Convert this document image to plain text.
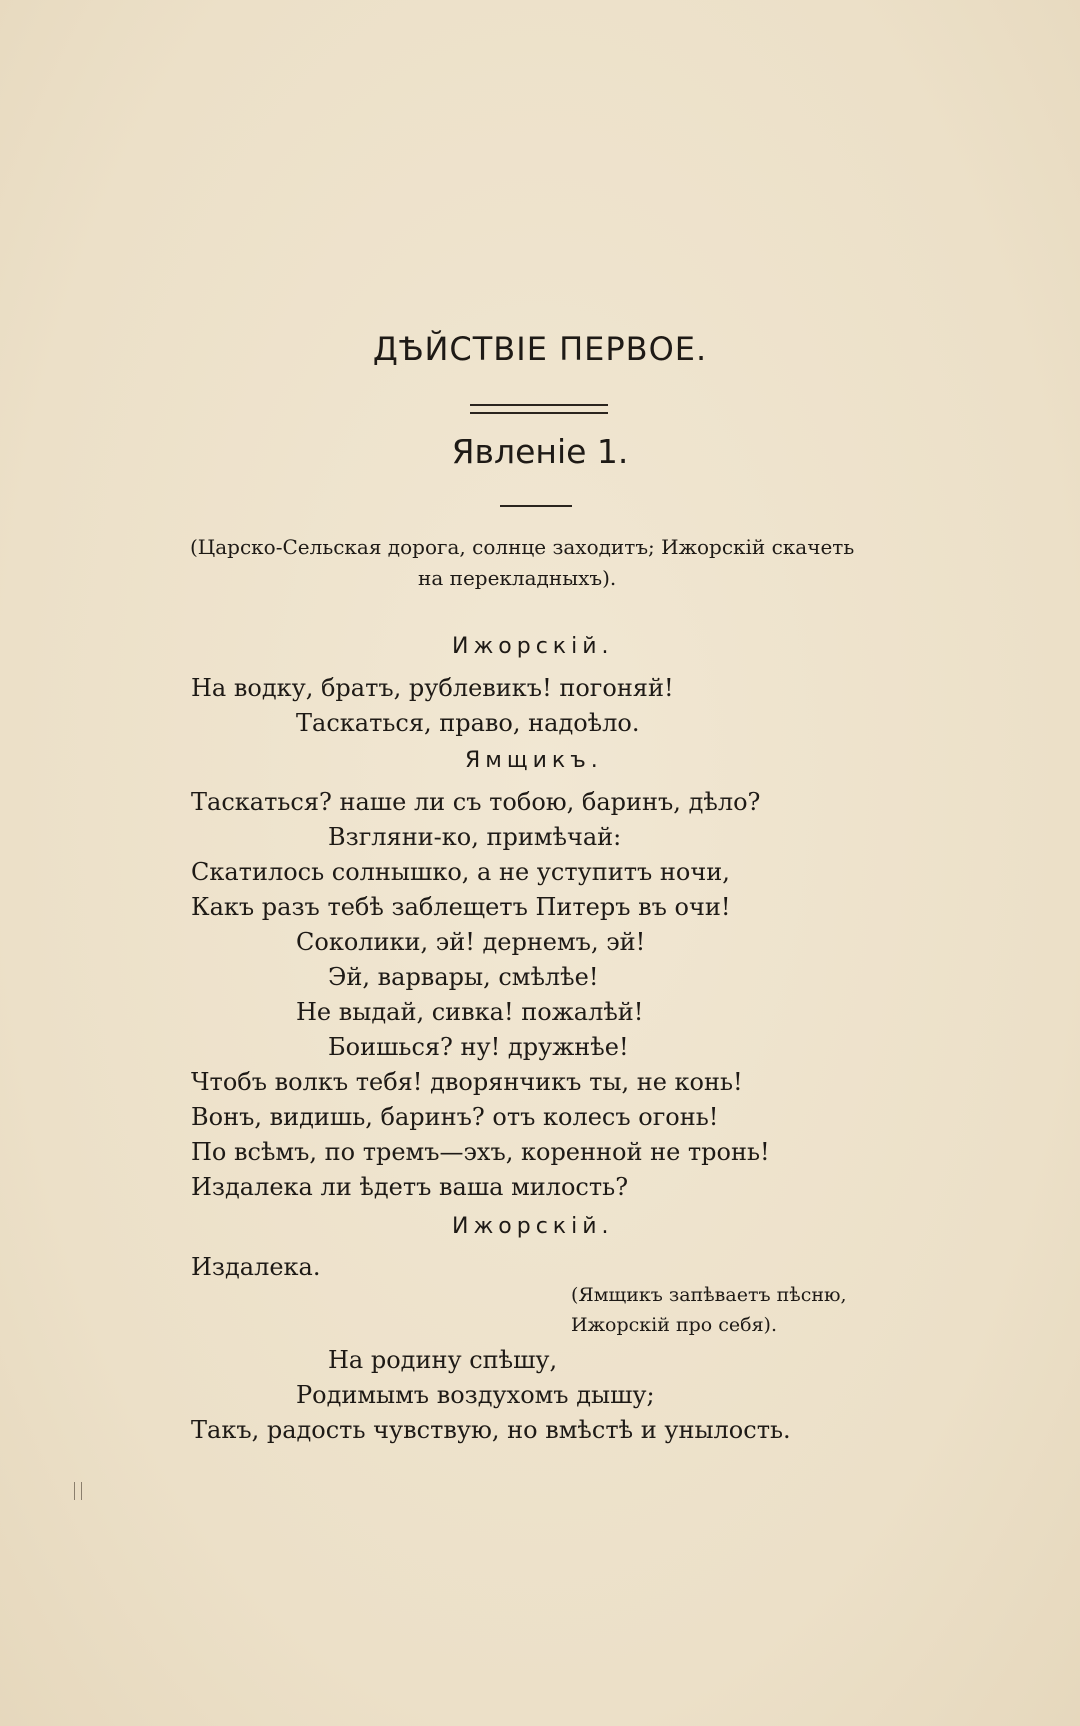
ДѢЙСТВІЕ ПЕРВОЕ.
Явленіе 1.
(Царско-Сельская дорога, солнце заходитъ; Ижорскій скачеть
на перекладныхъ).
Ижорскій.
На водку, братъ, рублевикъ! погоняй!
Таскаться, право, надоѣло.
Ямщикъ.
Таскаться? наше ли съ тобою, баринъ, дѣло?
Взгляни-ко, примѣчай:
Скатилось солнышко, а не уступитъ ночи,
Какъ разъ тебѣ заблещетъ Питеръ въ очи!
Соколики, эй! дернемъ, эй!
Эй, варвары, смѣлѣе!
Не выдай, сивка! пожалѣй!
Боишься? ну! дружнѣе!
Чтобъ волкъ тебя! дворянчикъ ты, не конь!
Вонъ, видишь, баринъ? отъ колесъ огонь!
По всѣмъ, по тремъ—эхъ, коренной не тронь!
Издалека ли ѣдетъ ваша милость?
Ижорскій.
Издалека.
(Ямщикъ запѣваетъ пѣсню,
Ижорскій про себя).
На родину спѣшу,
Родимымъ воздухомъ дышу;
Такъ, радость чувствую, но вмѣстѣ и унылость.
